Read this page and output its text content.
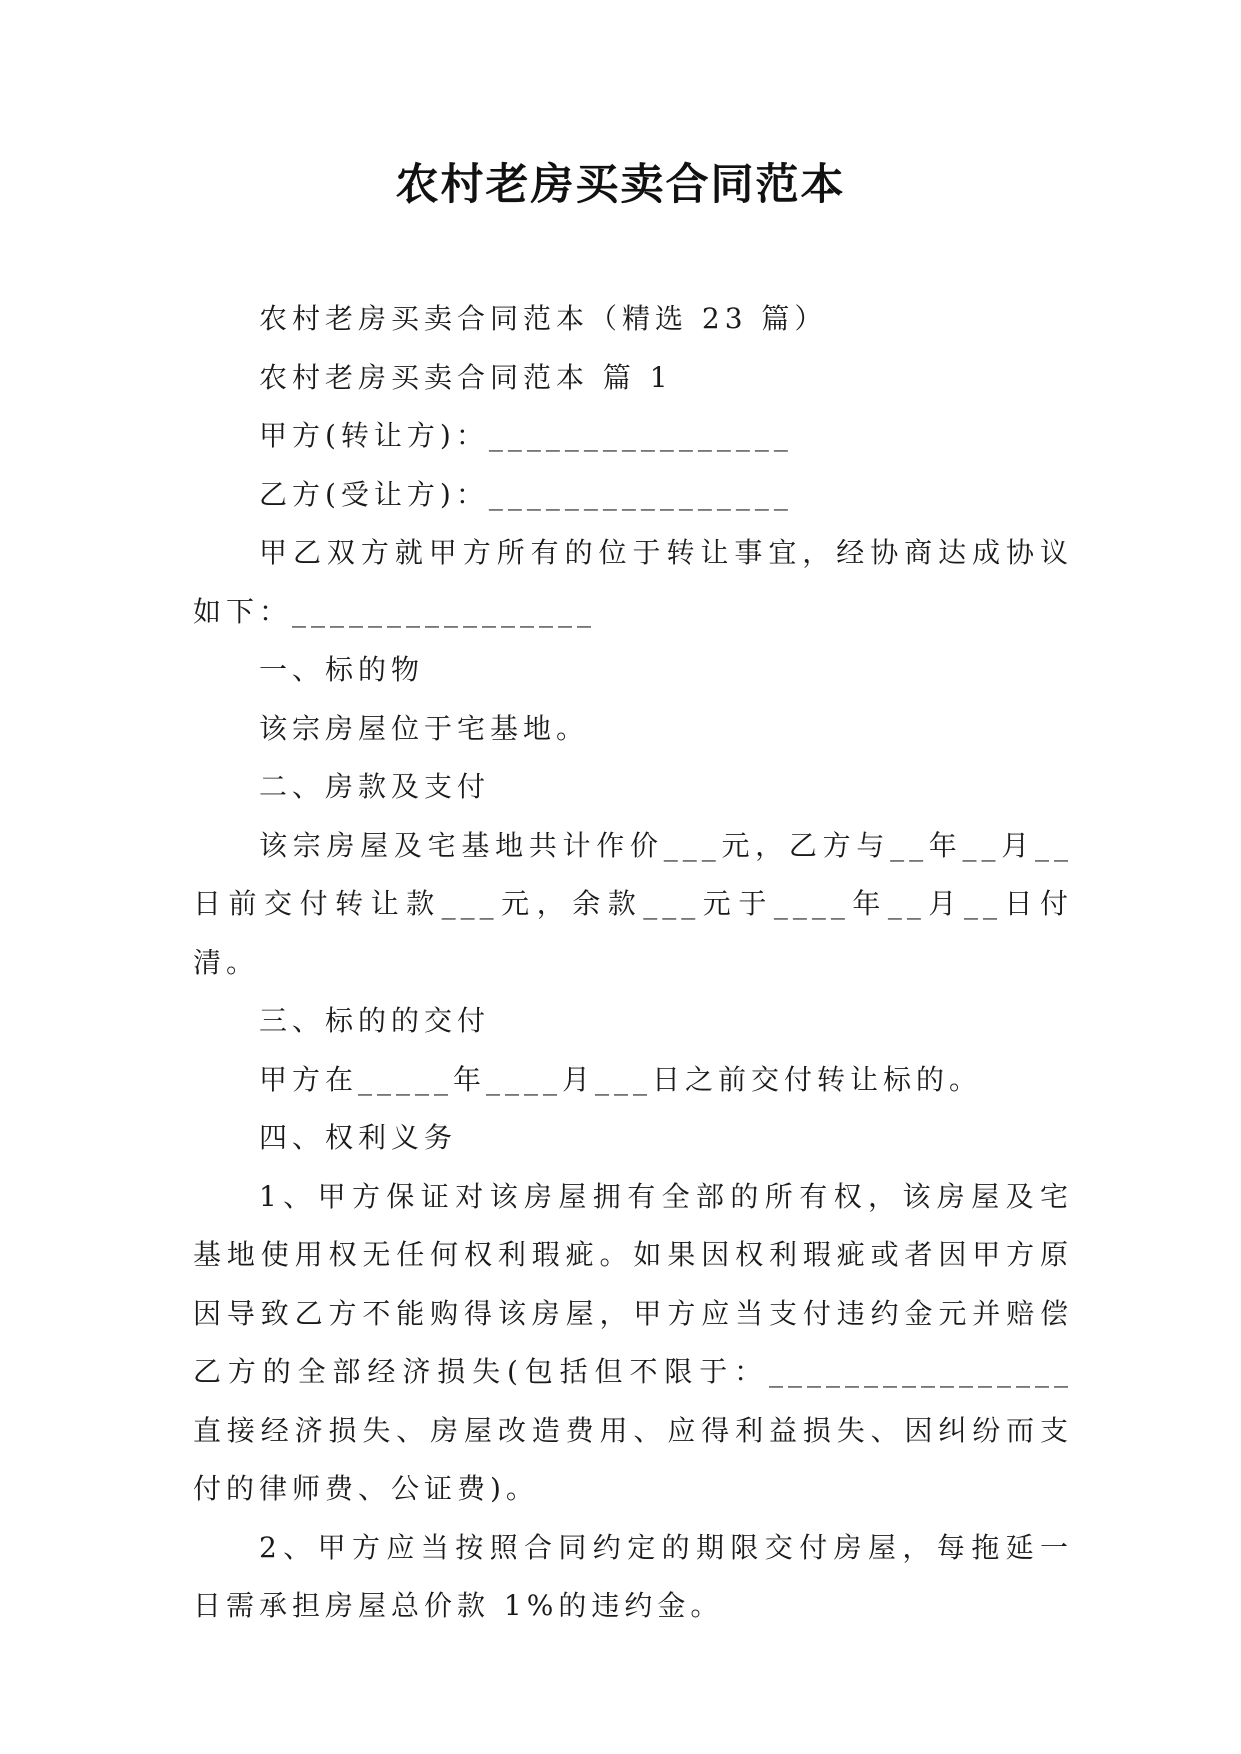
农村老房买卖合同范本

农村老房买卖合同范本（精选 23 篇）

农村老房买卖合同范本 篇 1

甲方(转让方)：________________

乙方(受让方)：________________

甲乙双方就甲方所有的位于转让事宜，经协商达成协议如下：________________

一、标的物

该宗房屋位于宅基地。

二、房款及支付

该宗房屋及宅基地共计作价___元，乙方与__年__月__日前交付转让款___元，余款___元于____年__月__日付清。

三、标的的交付

甲方在_____年____月___日之前交付转让标的。

四、权利义务

1、甲方保证对该房屋拥有全部的所有权，该房屋及宅基地使用权无任何权利瑕疵。如果因权利瑕疵或者因甲方原因导致乙方不能购得该房屋，甲方应当支付违约金元并赔偿乙方的全部经济损失(包括但不限于：________________直接经济损失、房屋改造费用、应得利益损失、因纠纷而支付的律师费、公证费)。

2、甲方应当按照合同约定的期限交付房屋，每拖延一日需承担房屋总价款 1%的违约金。
